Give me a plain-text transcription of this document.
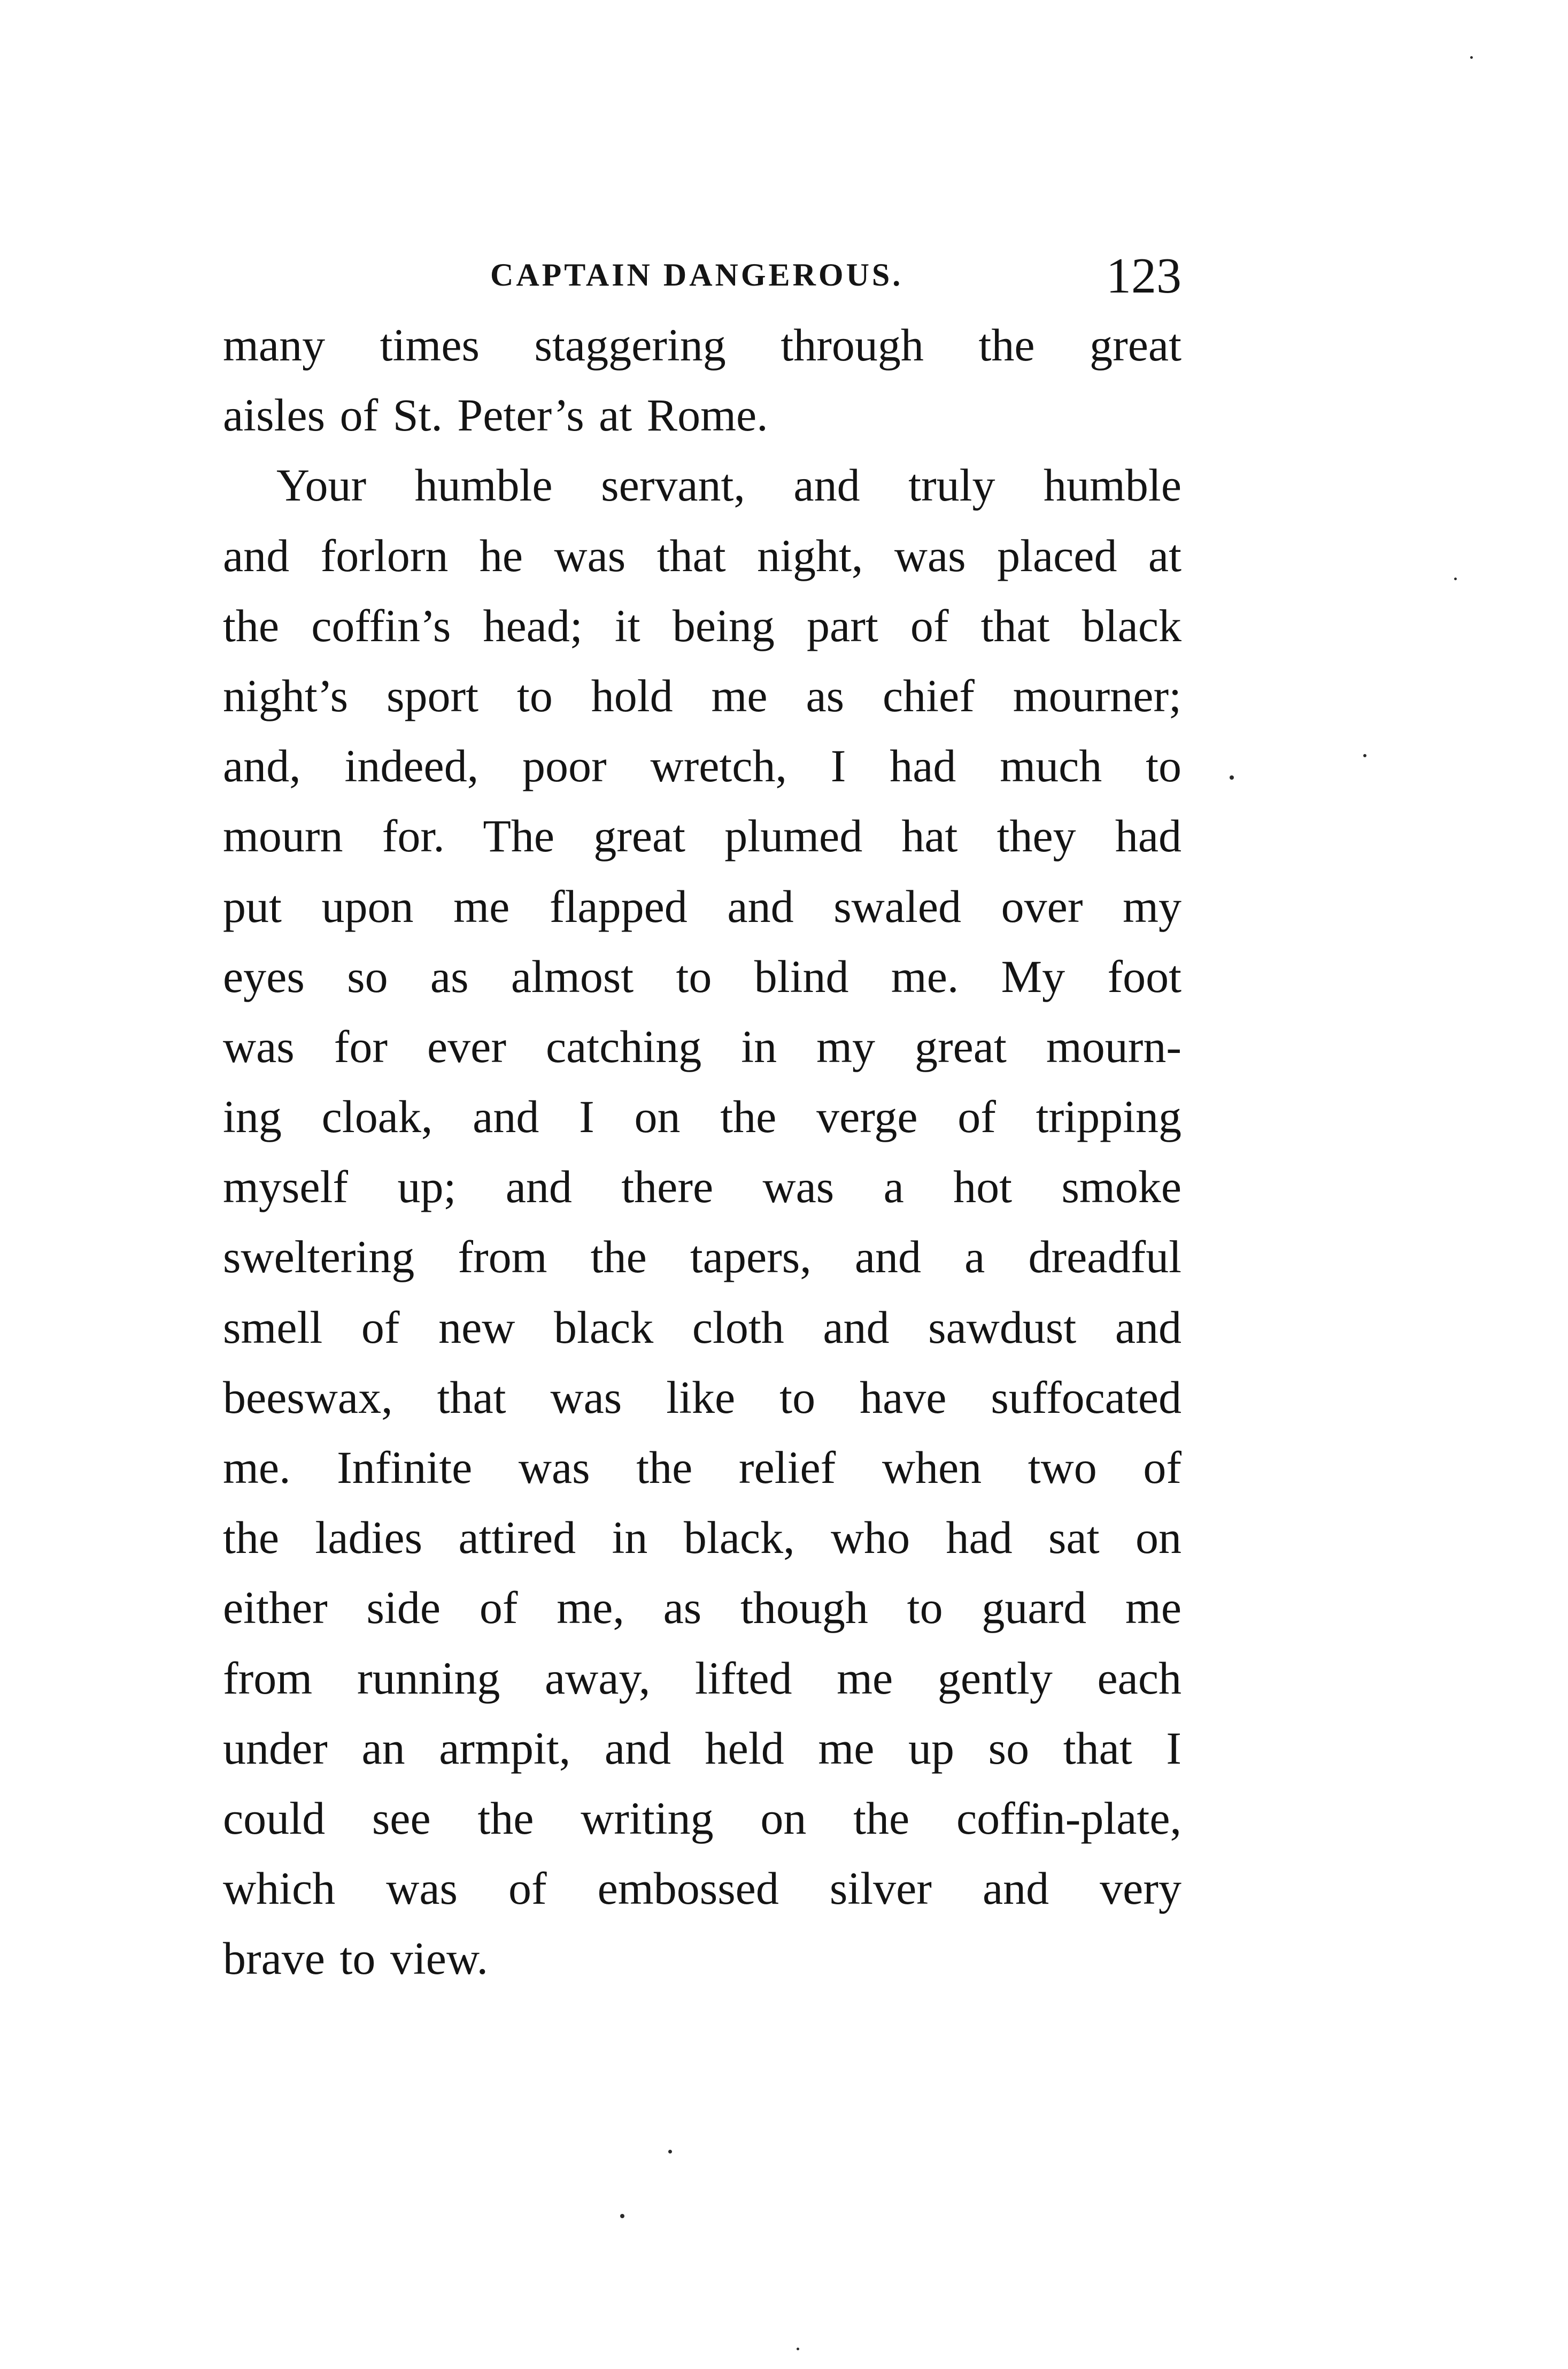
CAPTAIN DANGEROUS.	123
many times staggering through the great
aisles of St. Peter’s at Rome.
Your humble servant, and truly humble
and forlorn he was that night, was placed at
the coffin’s head; it being part of that black
night’s sport to hold me as chief mourner;
and, indeed, poor wretch, I had much to
mourn for. The great plumed hat they had
put upon me flapped and swaled over my
eyes so as almost to blind me. My foot
was for ever catching in my great mourn-
ing cloak, and I on the verge of tripping
myself up; and there was a hot smoke
sweltering from the tapers, and a dreadful
smell of new black cloth and sawdust and
beeswax, that was like to have suffocated
me. Infinite was the relief when two of
the ladies attired in black, who had sat on
either side of me, as though to guard me
from running away, lifted me gently each
under an armpit, and held me up so that I
could see the writing on the coffin-plate,
which was of embossed silver and very
brave to view.
